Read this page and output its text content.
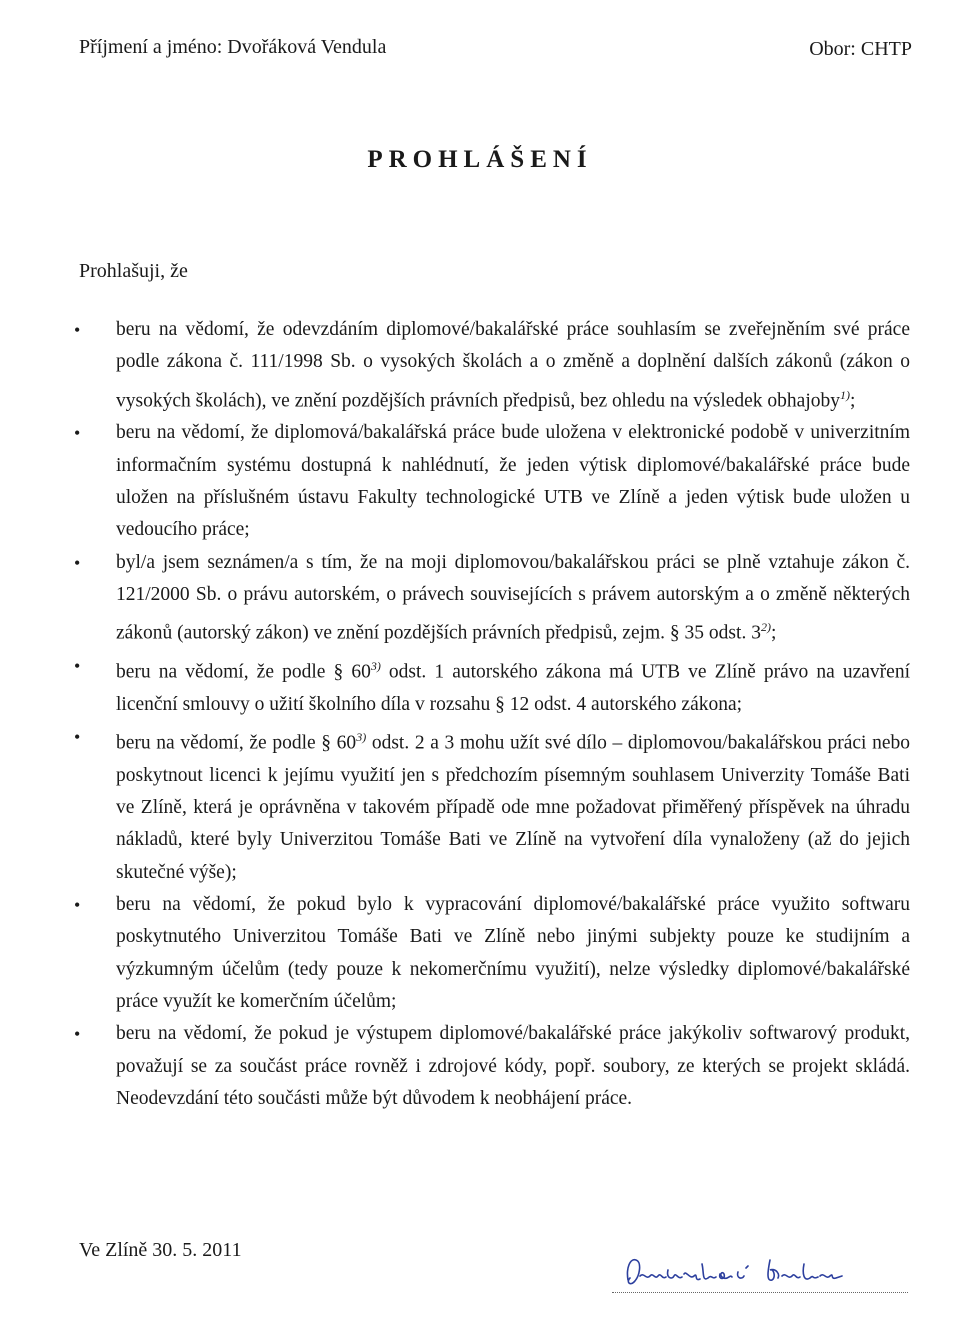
Příjmení a jméno: Dvořáková Vendula	Obor: CHTP
PROHLÁŠENÍ
Prohlašuji, že
• beru na vědomí, že odevzdáním diplomové/bakalářské práce souhlasím se zveřejněním své práce podle zákona č. 111/1998 Sb. o vysokých školách a o změně a doplnění dalších zákonů (zákon o vysokých školách), ve znění pozdějších právních předpisů, bez ohledu na výsledek obhajoby$^{1)}$;
• beru na vědomí, že diplomová/bakalářská práce bude uložena v elektronické podobě v univerzitním informačním systému dostupná k nahlédnutí, že jeden výtisk diplomové/bakalářské práce bude uložen na příslušném ústavu Fakulty technologické UTB ve Zlíně a jeden výtisk bude uložen u vedoucího práce;
• byl/a jsem seznámen/a s tím, že na moji diplomovou/bakalářskou práci se plně vztahuje zákon č. 121/2000 Sb. o právu autorském, o právech souvisejících s právem autorským a o změně některých zákonů (autorský zákon) ve znění pozdějších právních předpisů, zejm. § 35 odst. 3$^{2)}$;
• beru na vědomí, že podle § 60$^{3)}$ odst. 1 autorského zákona má UTB ve Zlíně právo na uzavření licenční smlouvy o užití školního díla v rozsahu § 12 odst. 4 autorského zákona;
• beru na vědomí, že podle § 60$^{3)}$ odst. 2 a 3 mohu užít své dílo – diplomovou/bakalářskou práci nebo poskytnout licenci k jejímu využití jen s předchozím písemným souhlasem Univerzity Tomáše Bati ve Zlíně, která je oprávněna v takovém případě ode mne požadovat přiměřený příspěvek na úhradu nákladů, které byly Univerzitou Tomáše Bati ve Zlíně na vytvoření díla vynaloženy (až do jejich skutečné výše);
• beru na vědomí, že pokud bylo k vypracování diplomové/bakalářské práce využito softwaru poskytnutého Univerzitou Tomáše Bati ve Zlíně nebo jinými subjekty pouze ke studijním a výzkumným účelům (tedy pouze k nekomerčnímu využití), nelze výsledky diplomové/bakalářské práce využít ke komerčním účelům;
• beru na vědomí, že pokud je výstupem diplomové/bakalářské práce jakýkoliv softwarový produkt, považují se za součást práce rovněž i zdrojové kódy, popř. soubory, ze kterých se projekt skládá. Neodevzdání této součásti může být důvodem k neobhájení práce.
Ve Zlíně 30. 5. 2011
